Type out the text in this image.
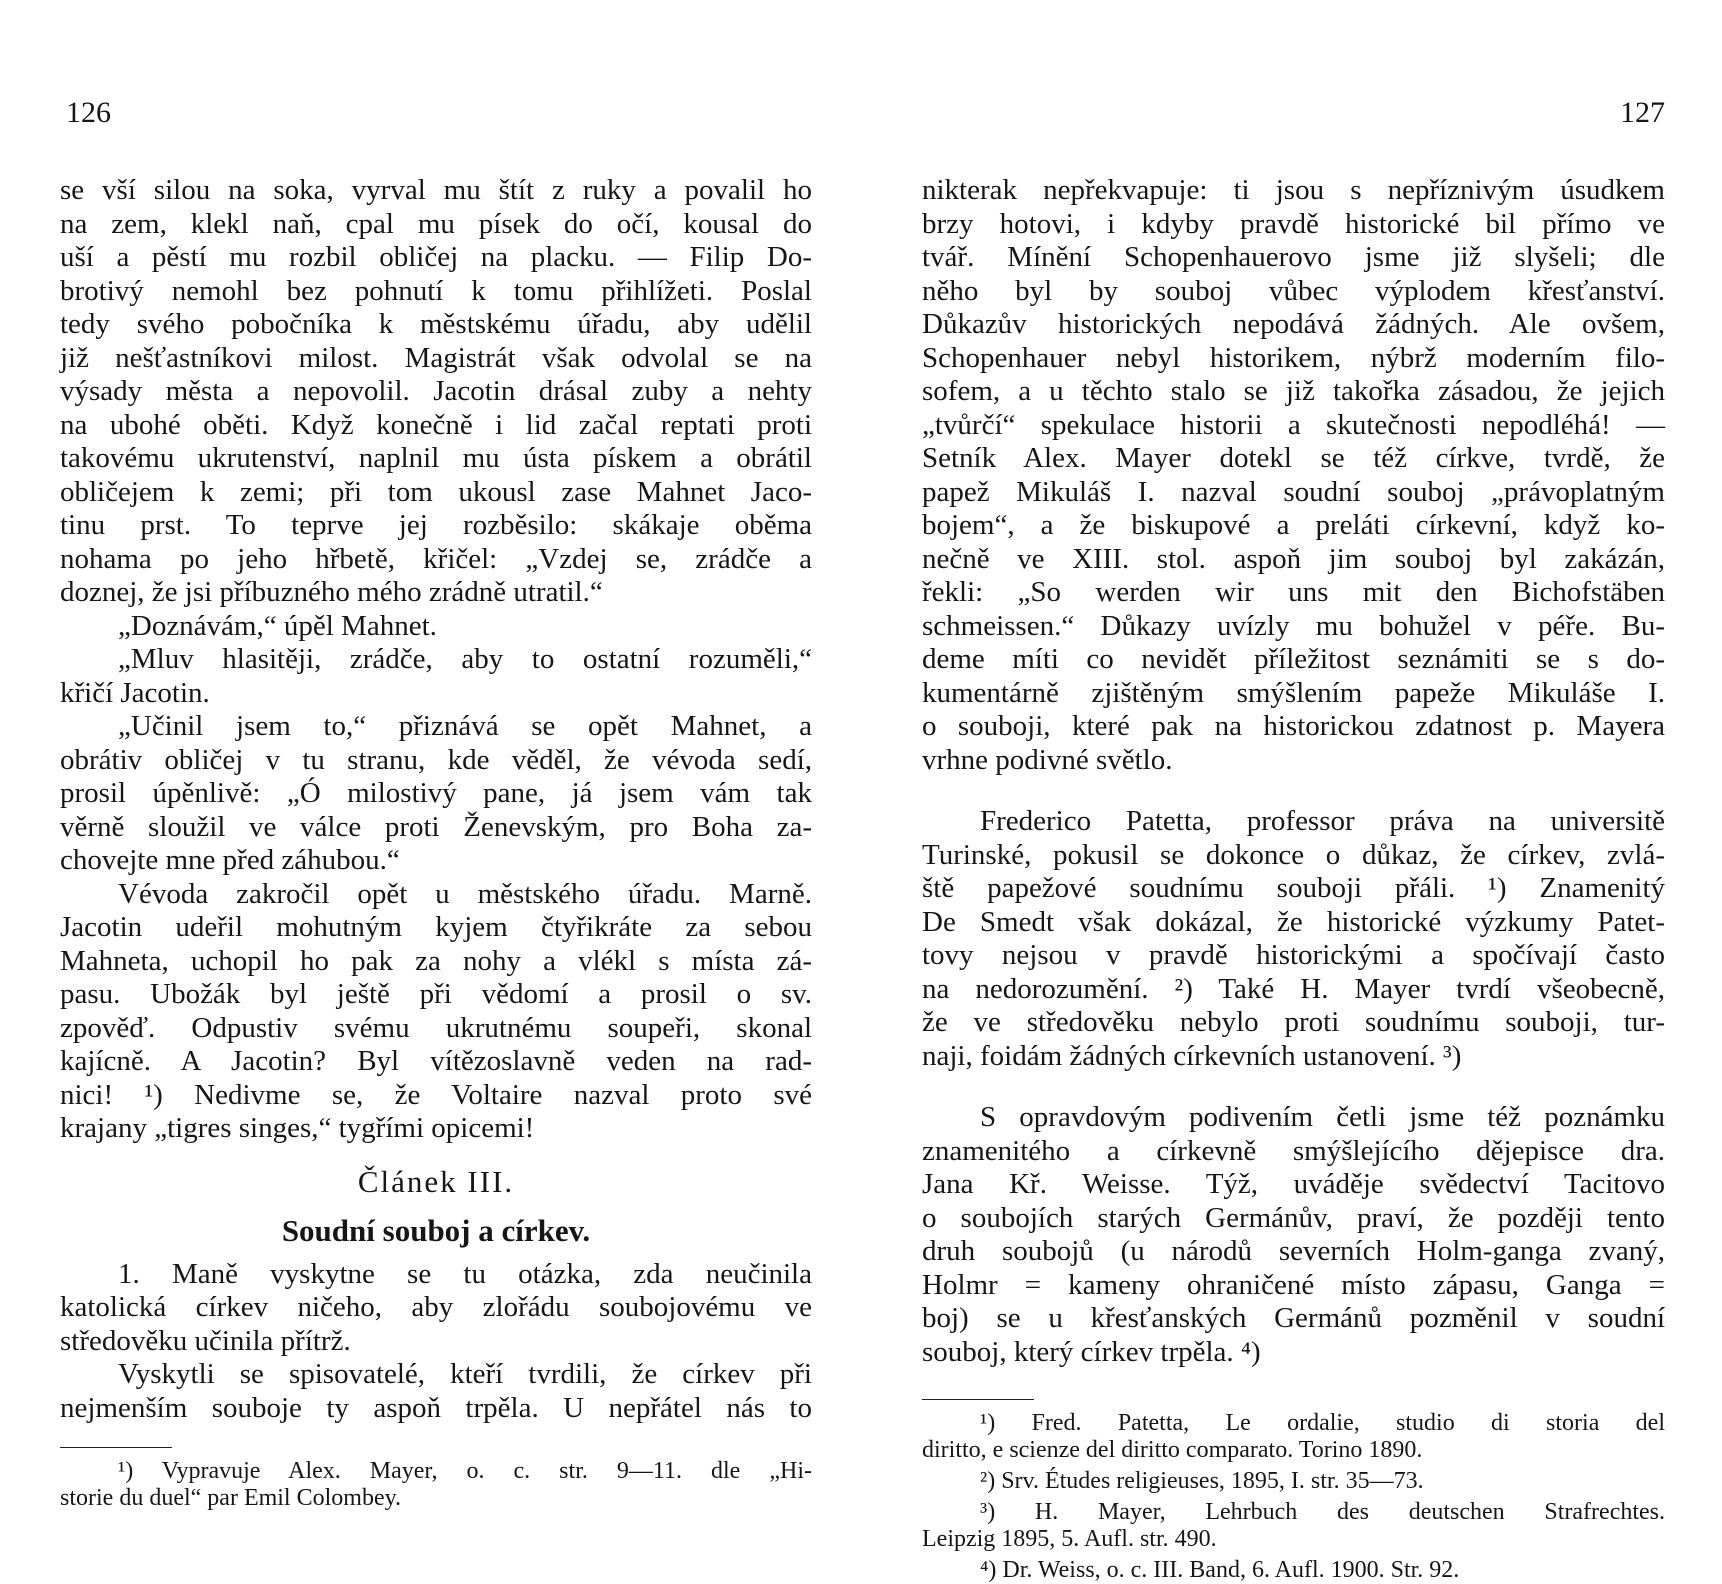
126
se vší silou na soka, vyrval mu štít z ruky a povalil ho
na zem, klekl naň, cpal mu písek do očí, kousal do
uší a pěstí mu rozbil obličej na placku. — Filip Do-
brotivý nemohl bez pohnutí k tomu přihlížeti. Poslal
tedy svého pobočníka k městskému úřadu, aby udělil
již nešťastníkovi milost. Magistrát však odvolal se na
výsady města a nepovolil. Jacotin drásal zuby a nehty
na ubohé oběti. Když konečně i lid začal reptati proti
takovému ukrutenství, naplnil mu ústa pískem a obrátil
obličejem k zemi; při tom ukousl zase Mahnet Jaco-
tinu prst. To teprve jej rozběsilo: skákaje oběma
nohama po jeho hřbetě, křičel: „Vzdej se, zrádče a
doznej, že jsi příbuzného mého zrádně utratil.“
„Doznávám,“ úpěl Mahnet.
„Mluv hlasitěji, zrádče, aby to ostatní rozuměli,“
křičí Jacotin.
„Učinil jsem to,“ přiznává se opět Mahnet, a
obrátiv obličej v tu stranu, kde věděl, že vévoda sedí,
prosil úpěnlivě: „Ó milostivý pane, já jsem vám tak
věrně sloužil ve válce proti Ženevským, pro Boha za-
chovejte mne před záhubou.“
Vévoda zakročil opět u městského úřadu. Marně.
Jacotin udeřil mohutným kyjem čtyřikráte za sebou
Mahneta, uchopil ho pak za nohy a vlékl s místa zá-
pasu. Ubožák byl ještě při vědomí a prosil o sv.
zpověď. Odpustiv svému ukrutnému soupeři, skonal
kajícně. A Jacotin? Byl vítězoslavně veden na rad-
nici! ¹) Nedivme se, že Voltaire nazval proto své
krajany „tigres singes,“ tygřími opicemi!
Článek III.
Soudní souboj a církev.
1. Maně vyskytne se tu otázka, zda neučinila
katolická církev ničeho, aby zlořádu soubojovému ve
středověku učinila přítrž.
Vyskytli se spisovatelé, kteří tvrdili, že církev při
nejmenším souboje ty aspoň trpěla. U nepřátel nás to
¹) Vypravuje Alex. Mayer, o. c. str. 9—11. dle „Hi-
storie du duel“ par Emil Colombey.
127
nikterak nepřekvapuje: ti jsou s nepříznivým úsudkem
brzy hotovi, i kdyby pravdě historické bil přímo ve
tvář. Mínění Schopenhauerovo jsme již slyšeli; dle
něho byl by souboj vůbec výplodem křesťanství.
Důkazův historických nepodává žádných. Ale ovšem,
Schopenhauer nebyl historikem, nýbrž moderním filo-
sofem, a u těchto stalo se již takořka zásadou, že jejich
„tvůrčí“ spekulace historii a skutečnosti nepodléhá! —
Setník Alex. Mayer dotekl se též církve, tvrdě, že
papež Mikuláš I. nazval soudní souboj „právoplatným
bojem“, a že biskupové a preláti církevní, když ko-
nečně ve XIII. stol. aspoň jim souboj byl zakázán,
řekli: „So werden wir uns mit den Bichofstäben
schmeissen.“ Důkazy uvízly mu bohužel v péře. Bu-
deme míti co nevidět příležitost seznámiti se s do-
kumentárně zjištěným smýšlením papeže Mikuláše I.
o souboji, které pak na historickou zdatnost p. Mayera
vrhne podivné světlo.
Frederico Patetta, professor práva na universitě
Turinské, pokusil se dokonce o důkaz, že církev, zvlá-
ště papežové soudnímu souboji přáli. ¹) Znamenitý
De Smedt však dokázal, že historické výzkumy Patet-
tovy nejsou v pravdě historickými a spočívají často
na nedorozumění. ²) Také H. Mayer tvrdí všeobecně,
že ve středověku nebylo proti soudnímu souboji, tur-
naji, foidám žádných církevních ustanovení. ³)
S opravdovým podivením četli jsme též poznámku
znamenitého a církevně smýšlejícího dějepisce dra.
Jana Kř. Weisse. Týž, uváděje svědectví Tacitovo
o soubojích starých Germánův, praví, že později tento
druh soubojů (u národů severních Holm-ganga zvaný,
Holmr = kameny ohraničené místo zápasu, Ganga =
boj) se u křesťanských Germánů pozměnil v soudní
souboj, který církev trpěla. ⁴)
¹) Fred. Patetta, Le ordalie, studio di storia del
diritto, e scienze del diritto comparato. Torino 1890.
²) Srv. Études religieuses, 1895, I. str. 35—73.
³) H. Mayer, Lehrbuch des deutschen Strafrechtes.
Leipzig 1895, 5. Aufl. str. 490.
⁴) Dr. Weiss, o. c. III. Band, 6. Aufl. 1900. Str. 92.
